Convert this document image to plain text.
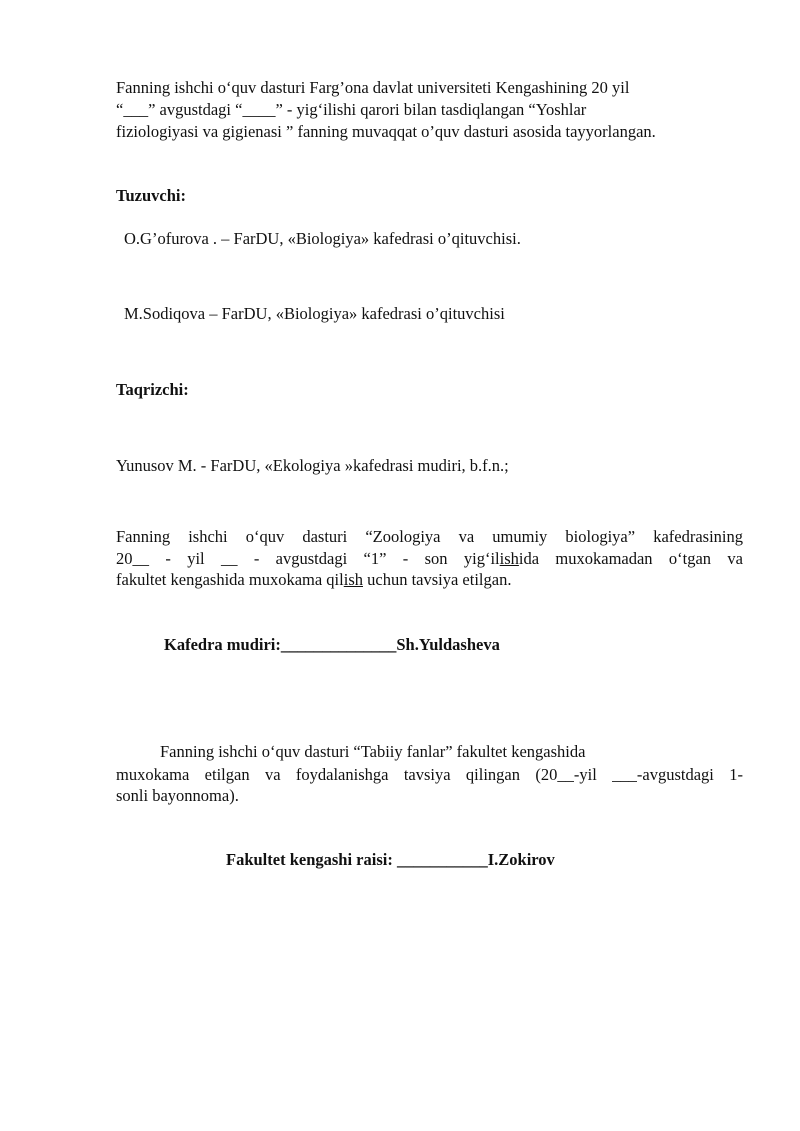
Fanning ishchi o‘quv dasturi Farg’ona davlat universiteti Kengashining 20 yil
“___” avgustdagi “____” - yig‘ilishi qarori bilan tasdiqlangan “Yoshlar
fiziologiyasi va gigienasi ” fanning muvaqqat o’quv dasturi asosida tayyorlangan.
Tuzuvchi:
O.G’ofurova . – FarDU, «Biologiya» kafedrasi o’qituvchisi.
M.Sodiqova – FarDU, «Biologiya» kafedrasi o’qituvchisi
Taqrizchi:
Yunusov M. - FarDU, «Ekologiya »kafedrasi mudiri, b.f.n.;
Fanning ishchi o‘quv dasturi “Zoologiya va umumiy biologiya” kafedrasining
20__ - yil __ - avgustdagi “1” - son yig‘ilishida muxokamadan o‘tgan va
fakultet kengashida muxokama qilish uchun tavsiya etilgan.
Kafedra mudiri:______________Sh.Yuldasheva
Fanning ishchi o‘quv dasturi “Tabiiy fanlar” fakultet kengashida
muxokama etilgan va foydalanishga tavsiya qilingan (20__-yil ___-avgustdagi 1-
sonli bayonnoma).
Fakultet kengashi raisi: ___________I.Zokirov
